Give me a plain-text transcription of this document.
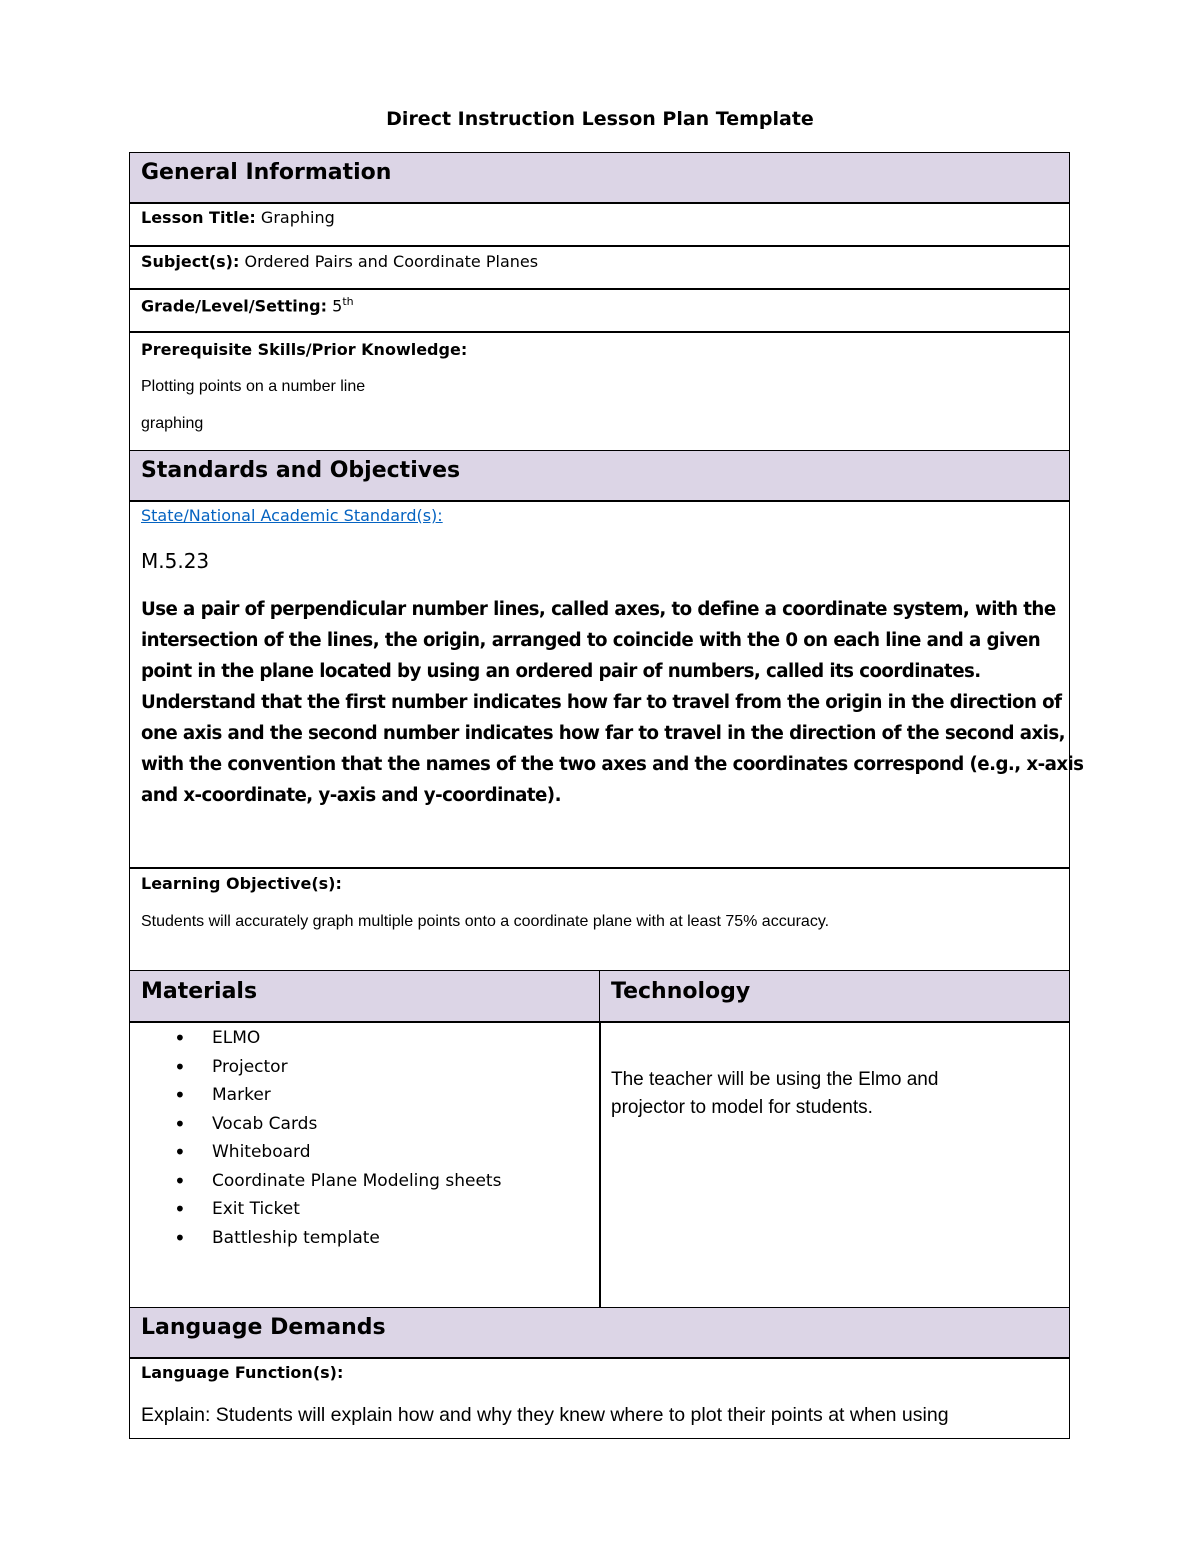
Direct Instruction Lesson Plan Template
General Information
Lesson Title: Graphing
Subject(s): Ordered Pairs and Coordinate Planes
Grade/Level/Setting: 5th
Prerequisite Skills/Prior Knowledge:
Plotting points on a number line
graphing
Standards and Objectives
State/National Academic Standard(s):
M.5.23
Use a pair of perpendicular number lines, called axes, to define a coordinate system, with the
intersection of the lines, the origin, arranged to coincide with the 0 on each line and a given
point in the plane located by using an ordered pair of numbers, called its coordinates.
Understand that the first number indicates how far to travel from the origin in the direction of
one axis and the second number indicates how far to travel in the direction of the second axis,
with the convention that the names of the two axes and the coordinates correspond (e.g., x-axis
and x-coordinate, y-axis and y-coordinate).
Learning Objective(s):
Students will accurately graph multiple points onto a coordinate plane with at least 75% accuracy.
Materials	Technology
• ELMO
• Projector
• Marker
• Vocab Cards
• Whiteboard
• Coordinate Plane Modeling sheets
• Exit Ticket
• Battleship template
The teacher will be using the Elmo and
projector to model for students.
Language Demands
Language Function(s):
Explain: Students will explain how and why they knew where to plot their points at when using
